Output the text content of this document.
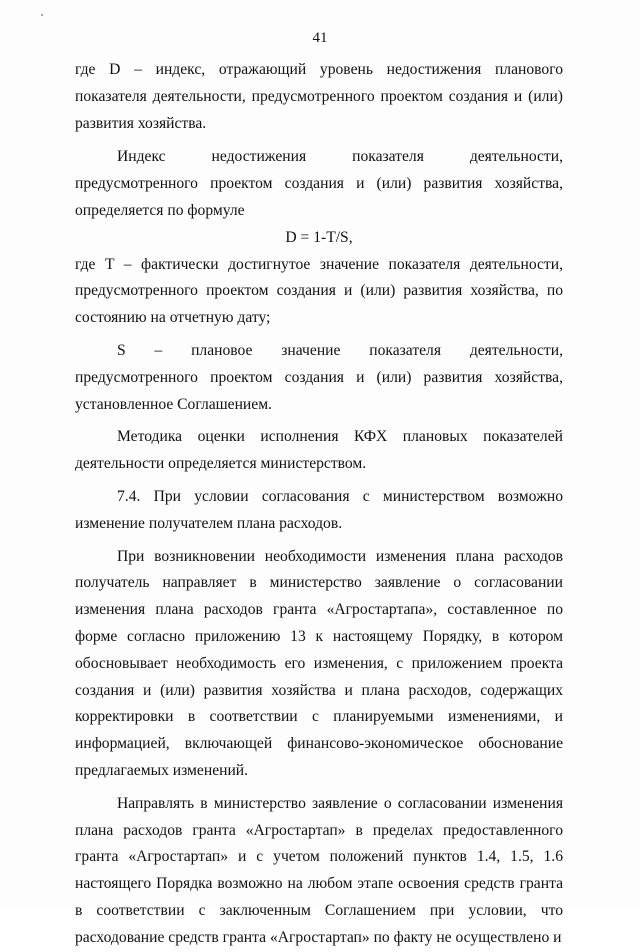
41

где D – индекс, отражающий уровень недостижения планового показателя деятельности, предусмотренного проектом создания и (или) развития хозяйства.

Индекс недостижения показателя деятельности, предусмотренного проектом создания и (или) развития хозяйства, определяется по формуле

D = 1-T/S,

где T – фактически достигнутое значение показателя деятельности, предусмотренного проектом создания и (или) развития хозяйства, по состоянию на отчетную дату;

S – плановое значение показателя деятельности, предусмотренного проектом создания и (или) развития хозяйства, установленное Соглашением.

Методика оценки исполнения КФХ плановых показателей деятельности определяется министерством.

7.4. При условии согласования с министерством возможно изменение получателем плана расходов.

При возникновении необходимости изменения плана расходов получатель направляет в министерство заявление о согласовании изменения плана расходов гранта «Агростартапа», составленное по форме согласно приложению 13 к настоящему Порядку, в котором обосновывает необходимость его изменения, с приложением проекта создания и (или) развития хозяйства и плана расходов, содержащих корректировки в соответствии с планируемыми изменениями, и информацией, включающей финансово-экономическое обоснование предлагаемых изменений.

Направлять в министерство заявление о согласовании изменения плана расходов гранта «Агростартап» в пределах предоставленного гранта «Агростартап» и с учетом положений пунктов 1.4, 1.5, 1.6 настоящего Порядка возможно на любом этапе освоения средств гранта в соответствии с заключенным Соглашением при условии, что расходование средств гранта «Агростартап» по факту не осуществлено и
